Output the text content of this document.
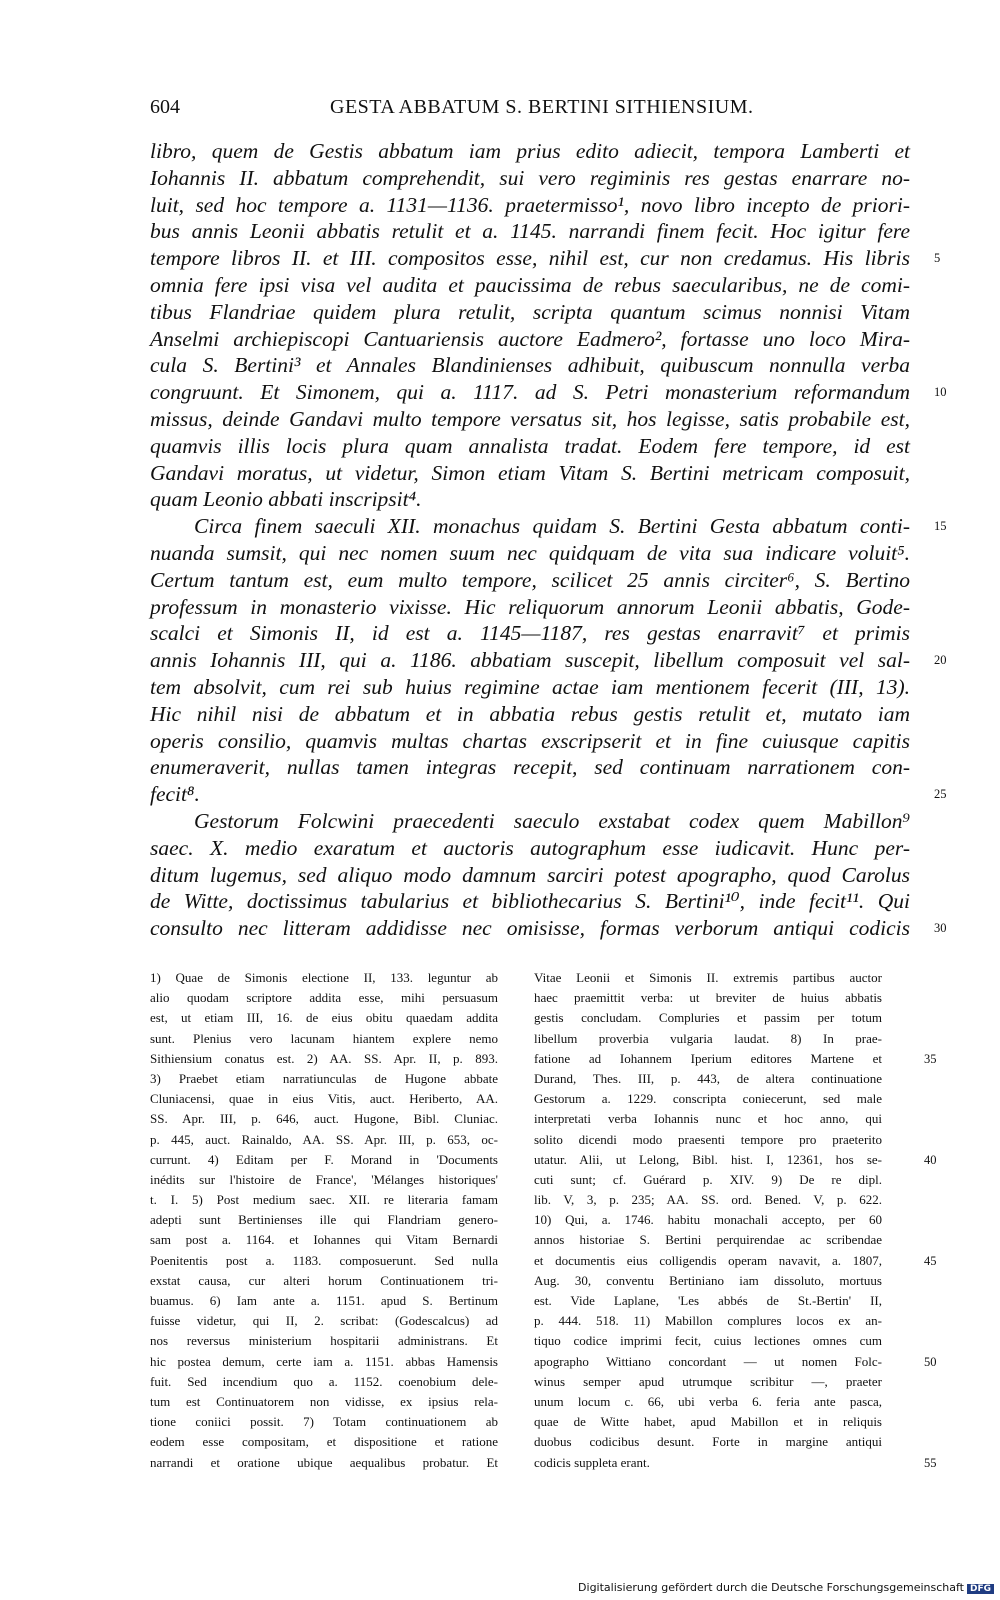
604	GESTA ABBATUM S. BERTINI SITHIENSIUM.
libro, quem de Gestis abbatum iam prius edito adiecit, tempora Lamberti et
Iohannis II. abbatum comprehendit, sui vero regiminis res gestas enarrare no-
luit, sed hoc tempore a. 1131—1136. praetermisso¹, novo libro incepto de priori-
bus annis Leonii abbatis retulit et a. 1145. narrandi finem fecit. Hoc igitur fere
tempore libros II. et III. compositos esse, nihil est, cur non credamus. His libris 5
omnia fere ipsi visa vel audita et paucissima de rebus saecularibus, ne de comi-
tibus Flandriae quidem plura retulit, scripta quantum scimus nonnisi Vitam
Anselmi archiepiscopi Cantuariensis auctore Eadmero², fortasse uno loco Mira-
cula S. Bertini³ et Annales Blandinienses adhibuit, quibuscum nonnulla verba
congruunt. Et Simonem, qui a. 1117. ad S. Petri monasterium reformandum 10
missus, deinde Gandavi multo tempore versatus sit, hos legisse, satis probabile est,
quamvis illis locis plura quam annalista tradat. Eodem fere tempore, id est
Gandavi moratus, ut videtur, Simon etiam Vitam S. Bertini metricam composuit,
quam Leonio abbati inscripsit⁴.
Circa finem saeculi XII. monachus quidam S. Bertini Gesta abbatum conti- 15
nuanda sumsit, qui nec nomen suum nec quidquam de vita sua indicare voluit⁵.
Certum tantum est, eum multo tempore, scilicet 25 annis circiter⁶, S. Bertino
professum in monasterio vixisse. Hic reliquorum annorum Leonii abbatis, Gode-
scalci et Simonis II, id est a. 1145—1187, res gestas enarravit⁷ et primis
annis Iohannis III, qui a. 1186. abbatiam suscepit, libellum composuit vel sal- 20
tem absolvit, cum rei sub huius regimine actae iam mentionem fecerit (III, 13).
Hic nihil nisi de abbatum et in abbatia rebus gestis retulit et, mutato iam
operis consilio, quamvis multas chartas exscripserit et in fine cuiusque capitis
enumeraverit, nullas tamen integras recepit, sed continuam narrationem con-
fecit⁸.	25
Gestorum Folcwini praecedenti saeculo exstabat codex quem Mabillon⁹
saec. X. medio exaratum et auctoris autographum esse iudicavit. Hunc per-
ditum lugemus, sed aliquo modo damnum sarciri potest apographo, quod Carolus
de Witte, doctissimus tabularius et bibliothecarius S. Bertini¹⁰, inde fecit¹¹. Qui
consulto nec litteram addidisse nec omisisse, formas verborum antiqui codicis 30
1) Quae de Simonis electione II, 133. leguntur ab
alio quodam scriptore addita esse, mihi persuasum
est, ut etiam III, 16. de eius obitu quaedam addita
sunt. Plenius vero lacunam hiantem explere nemo
Sithiensium conatus est. 2) AA. SS. Apr. II, p. 893.
3) Praebet etiam narratiunculas de Hugone abbate
Cluniacensi, quae in eius Vitis, auct. Heriberto, AA.
SS. Apr. III, p. 646, auct. Hugone, Bibl. Cluniac.
p. 445, auct. Rainaldo, AA. SS. Apr. III, p. 653, oc-
currunt. 4) Editam per F. Morand in 'Documents
inédits sur l'histoire de France', 'Mélanges historiques'
t. I. 5) Post medium saec. XII. re literaria famam
adepti sunt Bertinienses ille qui Flandriam genero-
sam post a. 1164. et Iohannes qui Vitam Bernardi
Poenitentis post a. 1183. composuerunt. Sed nulla
exstat causa, cur alteri horum Continuationem tri-
buamus. 6) Iam ante a. 1151. apud S. Bertinum
fuisse videtur, qui II, 2. scribat: (Godescalcus) ad
nos reversus ministerium hospitarii administrans. Et
hic postea demum, certe iam a. 1151. abbas Hamensis
fuit. Sed incendium quo a. 1152. coenobium dele-
tum est Continuatorem non vidisse, ex ipsius rela-
tione coniici possit. 7) Totam continuationem ab
eodem esse compositam, et dispositione et ratione
narrandi et oratione ubique aequalibus probatur. Et
Vitae Leonii et Simonis II. extremis partibus auctor
haec praemittit verba: ut breviter de huius abbatis
gestis concludam. Compluries et passim per totum
libellum proverbia vulgaria laudat. 8) In prae-
fatione ad Iohannem Iperium editores Martene et	35
Durand, Thes. III, p. 443, de altera continuatione
Gestorum a. 1229. conscripta coniecerunt, sed male
interpretati verba Iohannis nunc et hoc anno, qui
solito dicendi modo praesenti tempore pro praeterito
utatur. Alii, ut Lelong, Bibl. hist. I, 12361, hos se-	40
cuti sunt; cf. Guérard p. XIV. 9) De re dipl.
lib. V, 3, p. 235; AA. SS. ord. Bened. V, p. 622.
10) Qui, a. 1746. habitu monachali accepto, per 60
annos historiae S. Bertini perquirendae ac scribendae
et documentis eius colligendis operam navavit, a. 1807,	45
Aug. 30, conventu Bertiniano iam dissoluto, mortuus
est. Vide Laplane, 'Les abbés de St.-Bertin' II,
p. 444. 518. 11) Mabillon complures locos ex an-
tiquo codice imprimi fecit, cuius lectiones omnes cum
apographo Wittiano concordant — ut nomen Folc-	50
winus semper apud utrumque scribitur —, praeter
unum locum c. 66, ubi verba 6. feria ante pasca,
quae de Witte habet, apud Mabillon et in reliquis
duobus codicibus desunt. Forte in margine antiqui
codicis suppleta erant.	55
Digitalisierung gefördert durch die Deutsche Forschungsgemeinschaft DFG
